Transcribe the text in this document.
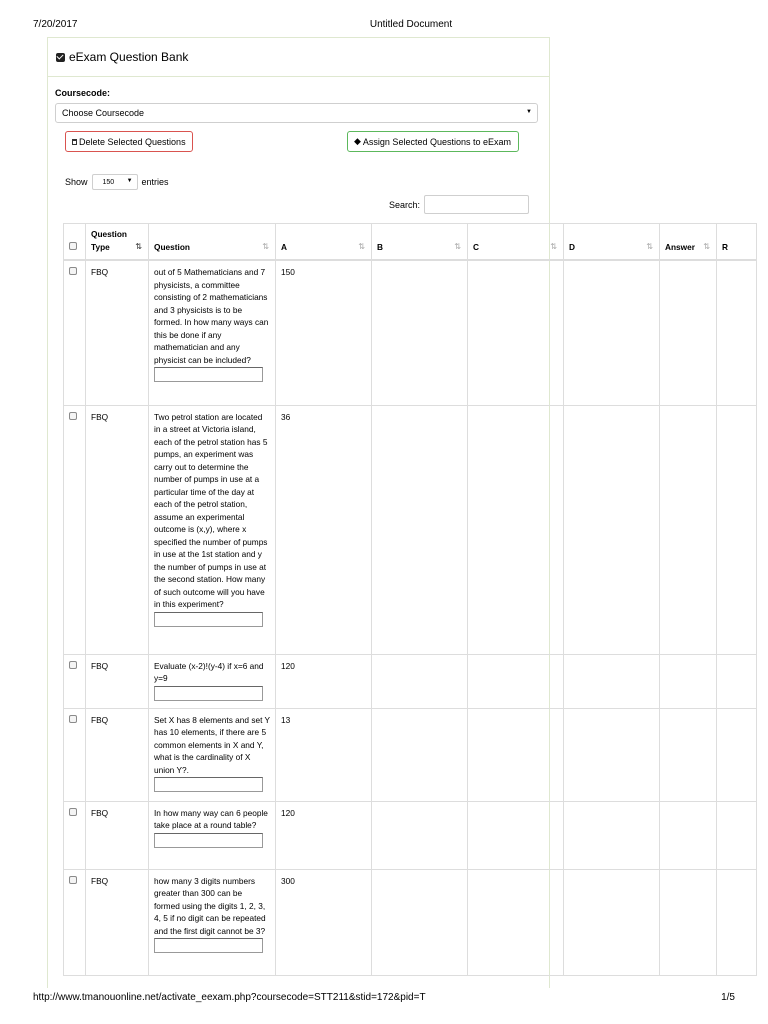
7/20/2017	Untitled Document
eExam Question Bank
Coursecode:
Choose Coursecode	▼
Delete Selected Questions	◆ Assign Selected Questions to eExam
Show 150 ▼ entries
Search:
	Question Type ⇅	Question ⇅	A ⇅	B ⇅	C ⇅	D ⇅	Answer ⇅	R
	FBQ	out of 5 Mathematicians and 7 physicists, a committee consisting of 2 mathematicians and 3 physicists is to be formed. In how many ways can this be done if any mathematician and any physicist can be included?	150					
	FBQ	Two petrol station are located in a street at Victoria island, each of the petrol station has 5 pumps, an experiment was carry out to determine the number of pumps in use at a particular time of the day at each of the petrol station, assume an experimental outcome is (x,y), where x specified the number of pumps in use at the 1st station and y the number of pumps in use at the second station. How many of such outcome will you have in this experiment?	36					
	FBQ	Evaluate (x-2)!(y-4) if x=6 and y=9	120					
	FBQ	Set X has 8 elements and set Y has 10 elements, if there are 5 common elements in X and Y, what is the cardinality of X union Y?.	13					
	FBQ	In how many way can 6 people take place at a round table?	120					
	FBQ	how many 3 digits numbers greater than 300 can be formed using the digits 1, 2, 3, 4, 5 if no digit can be repeated and the first digit cannot be 3?	300					
http://www.tmanouonline.net/activate_eexam.php?coursecode=STT211&stid=172&pid=T	1/5
